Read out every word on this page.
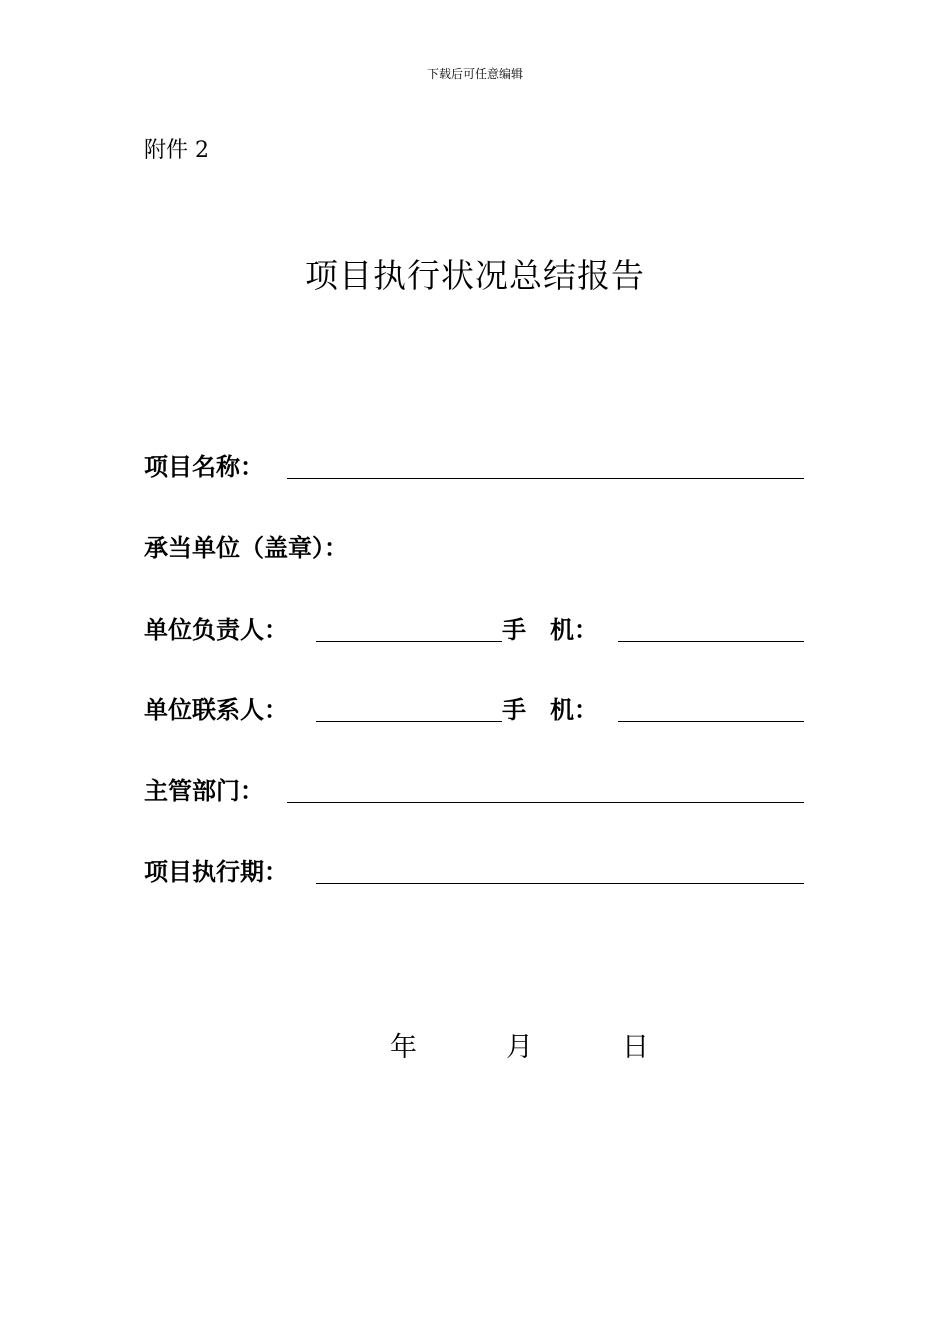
下载后可任意编辑
附件 2
项目执行状况总结报告
项目名称：
承当单位（盖章）：
单位负责人：	手　机：
单位联系人：	手　机：
主管部门：
项目执行期：
年	月	日
